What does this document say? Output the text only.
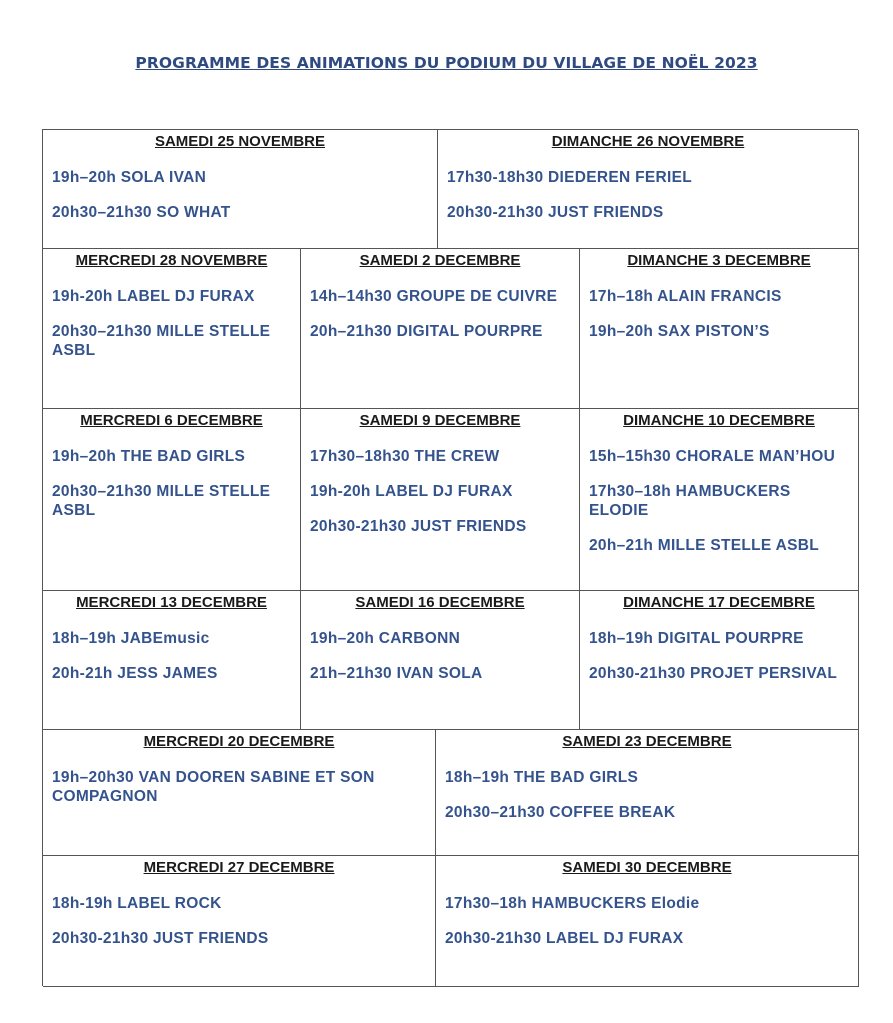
PROGRAMME DES ANIMATIONS DU PODIUM DU VILLAGE DE NOËL 2023
SAMEDI 25 NOVEMBRE
19h–20h SOLA IVAN
20h30–21h30 SO WHAT
DIMANCHE 26 NOVEMBRE
17h30-18h30 DIEDEREN FERIEL
20h30-21h30 JUST FRIENDS
MERCREDI 28 NOVEMBRE
19h-20h LABEL DJ FURAX
20h30–21h30 MILLE STELLE ASBL
SAMEDI 2 DECEMBRE
14h–14h30 GROUPE DE CUIVRE
20h–21h30 DIGITAL POURPRE
DIMANCHE 3 DECEMBRE
17h–18h ALAIN FRANCIS
19h–20h SAX PISTON’S
MERCREDI 6 DECEMBRE
19h–20h THE BAD GIRLS
20h30–21h30 MILLE STELLE ASBL
SAMEDI 9 DECEMBRE
17h30–18h30 THE CREW
19h-20h LABEL DJ FURAX
20h30-21h30 JUST FRIENDS
DIMANCHE 10 DECEMBRE
15h–15h30 CHORALE MAN’HOU
17h30–18h HAMBUCKERS ELODIE
20h–21h MILLE STELLE ASBL
MERCREDI 13 DECEMBRE
18h–19h JABEmusic
20h-21h JESS JAMES
SAMEDI 16 DECEMBRE
19h–20h CARBONN
21h–21h30 IVAN SOLA
DIMANCHE 17 DECEMBRE
18h–19h DIGITAL POURPRE
20h30-21h30 PROJET PERSIVAL
MERCREDI 20 DECEMBRE
19h–20h30 VAN DOOREN SABINE ET SON COMPAGNON
SAMEDI 23 DECEMBRE
18h–19h THE BAD GIRLS
20h30–21h30 COFFEE BREAK
MERCREDI 27 DECEMBRE
18h-19h LABEL ROCK
20h30-21h30 JUST FRIENDS
SAMEDI 30 DECEMBRE
17h30–18h HAMBUCKERS Elodie
20h30-21h30 LABEL DJ FURAX
